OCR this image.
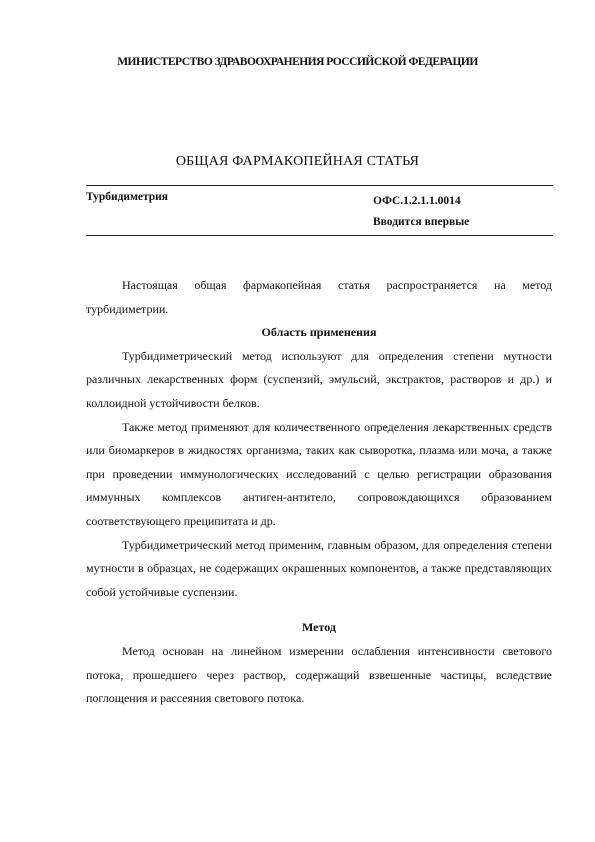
МИНИСТЕРСТВО ЗДРАВООХРАНЕНИЯ РОССИЙСКОЙ ФЕДЕРАЦИИ
ОБЩАЯ ФАРМАКОПЕЙНАЯ СТАТЬЯ
Турбидиметрия	ОФС.1.2.1.1.0014
Вводится впервые

Настоящая общая фармакопейная статья распространяется на метод турбидиметрии.

Область применения

Турбидиметрический метод используют для определения степени мутности различных лекарственных форм (суспензий, эмульсий, экстрактов, растворов и др.) и коллоидной устойчивости белков.

Также метод применяют для количественного определения лекарственных средств или биомаркеров в жидкостях организма, таких как сыворотка, плазма или моча, а также при проведении иммунологических исследований с целью регистрации образования иммунных комплексов антиген-антитело, сопровождающихся образованием соответствующего преципитата и др.

Турбидиметрический метод применим, главным образом, для определения степени мутности в образцах, не содержащих окрашенных компонентов, а также представляющих собой устойчивые суспензии.

Метод

Метод основан на линейном измерении ослабления интенсивности светового потока, прошедшего через раствор, содержащий взвешенные частицы, вследствие поглощения и рассеяния светового потока.
